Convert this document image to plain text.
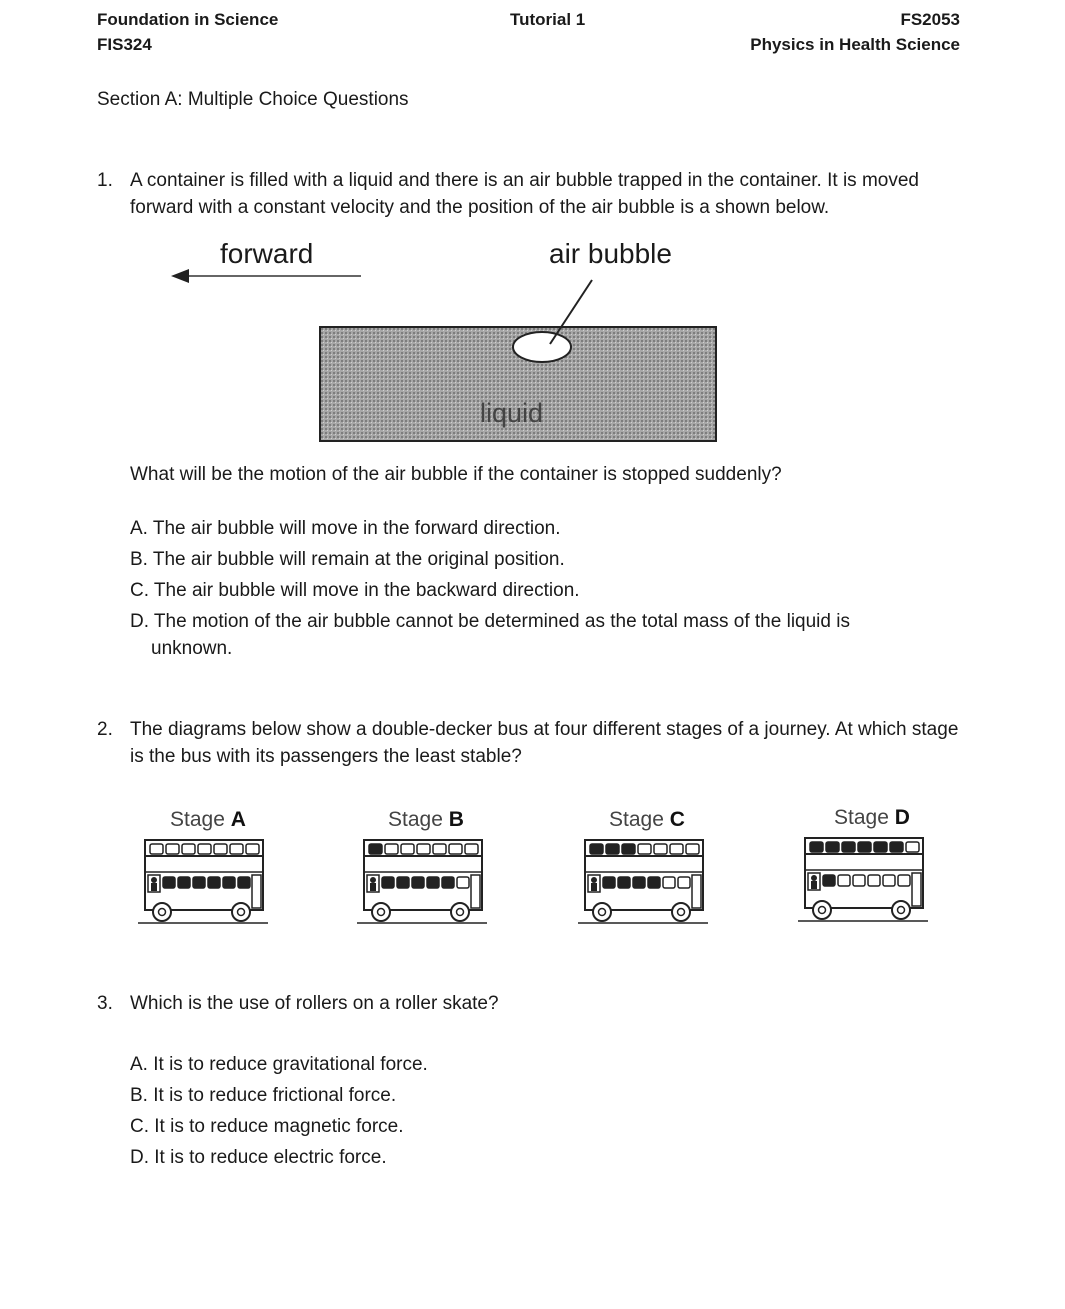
Foundation in Science
FIS324
Tutorial 1	FS2053
Physics in Health Science
Section A: Multiple Choice Questions
1. A container is filled with a liquid and there is an air bubble trapped in the container. It is moved
forward with a constant velocity and the position of the air bubble is a shown below.
forward	air bubble
liquid
What will be the motion of the air bubble if the container is stopped suddenly?
A. The air bubble will move in the forward direction.
B. The air bubble will remain at the original position.
C. The air bubble will move in the backward direction.
D. The motion of the air bubble cannot be determined as the total mass of the liquid is
unknown.
2. The diagrams below show a double-decker bus at four different stages of a journey. At which stage
is the bus with its passengers the least stable?
Stage A	Stage B	Stage C	Stage D
3. Which is the use of rollers on a roller skate?
A. It is to reduce gravitational force.
B. It is to reduce frictional force.
C. It is to reduce magnetic force.
D. It is to reduce electric force.
